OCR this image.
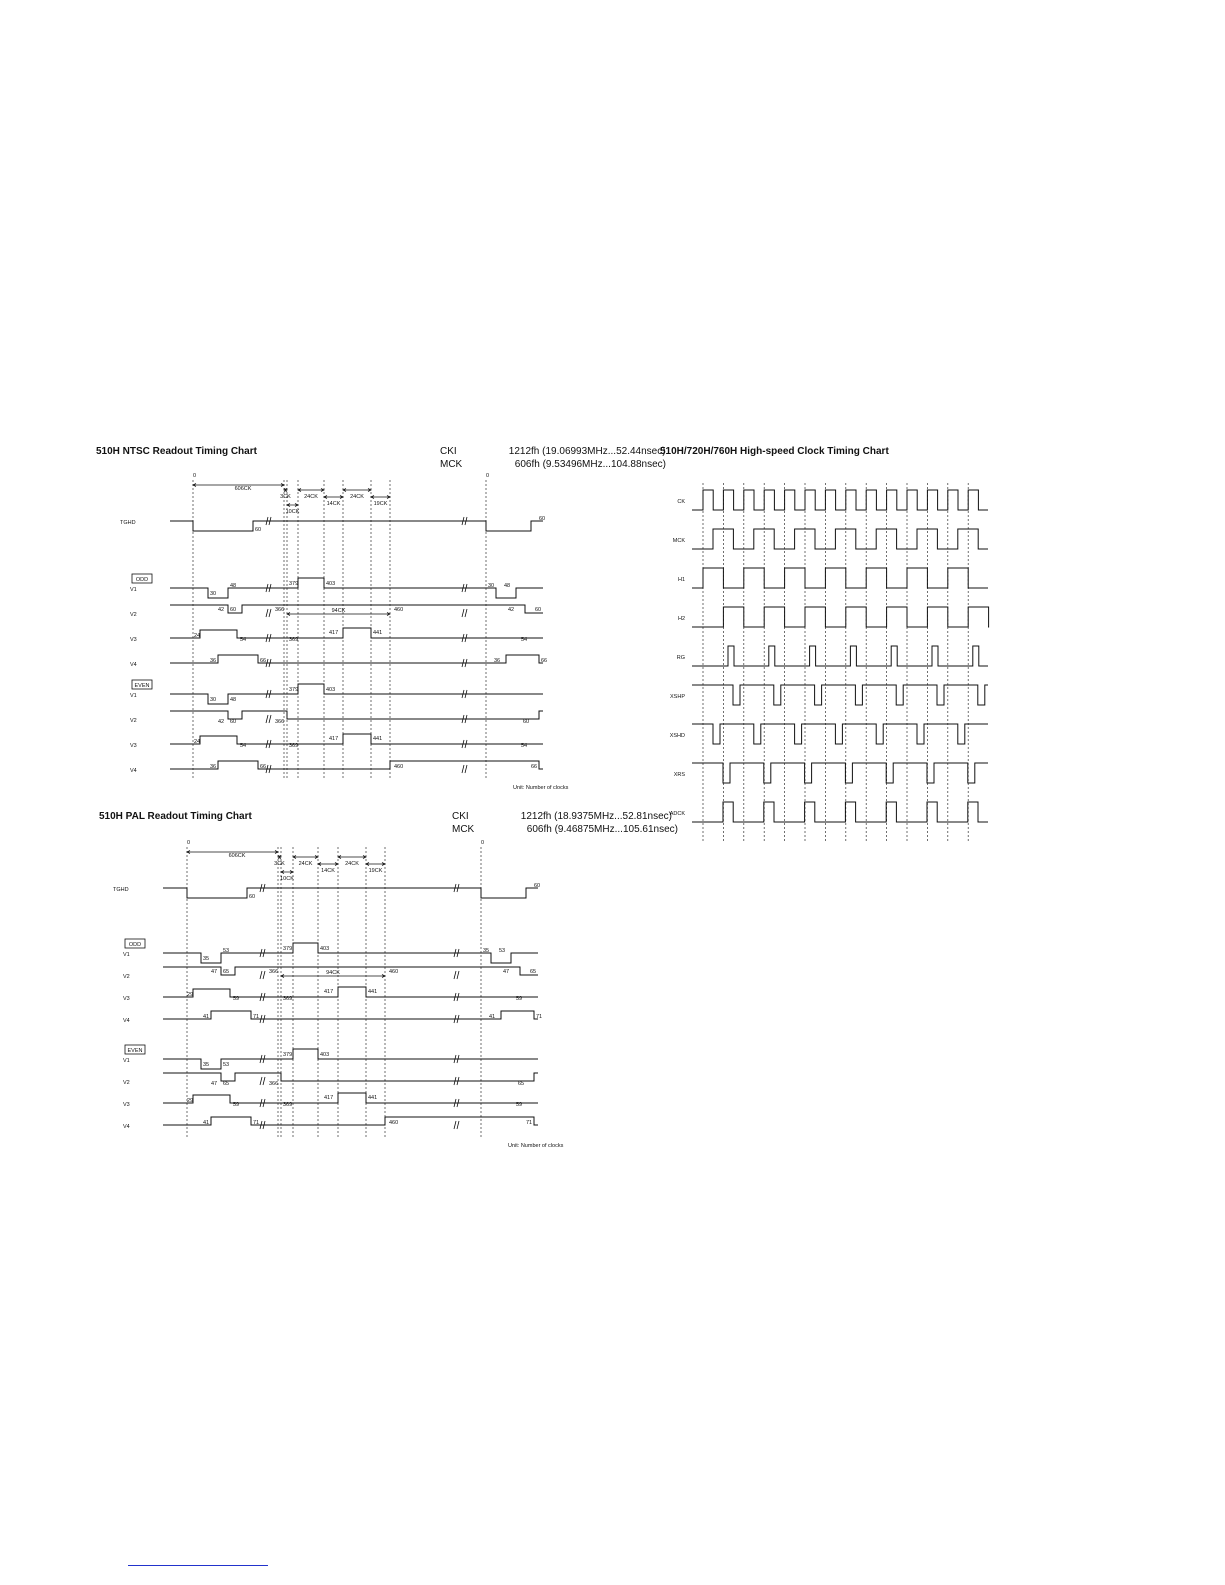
510H NTSC Readout Timing Chart	CKI	1212fh (19.06993MHz...52.44nsec)
MCK	606fh (9.53496MHz...104.88nsec)
510H PAL Readout Timing Chart	CKI	1212fh (18.9375MHz...52.81nsec)
MCK	606fh (9.46875MHz...105.61nsec)
510H/720H/760H High-speed Clock Timing Chart
0	0
606CK
3CK
10CK
24CK
14CK
24CK
19CK
TGHD
60
60
ODD
V1
30
48	379	403	30 48
V2
42 60	366	460	42	60
V3
24
54	369
417	441
54
V4
36	66	36	66
EVEN
V1
30	48
379	403
V2	42 60	366	60
V3
24
54	369
417	441
54
V4
36	66	460	66
94CK
Unit: Number of clocks
0	0
606CK
3CK
10CK
24CK
14CK
24CK
19CK
TGHD
60
60
ODD
V1
35
53	379	403	35 53
V2
47 65	366	460	47	65
V3
29
59	369
417	441
59
V4
41	71	41	71
EVEN
V1
35	53
379	403
V2	47 65	366	65
V3
29
59	369
417	441
59
V4
41	71	460	71
94CK
Unit: Number of clocks
CK
MCK
H1
H2
RG
XSHP
XSHD
XRS
ADCK
